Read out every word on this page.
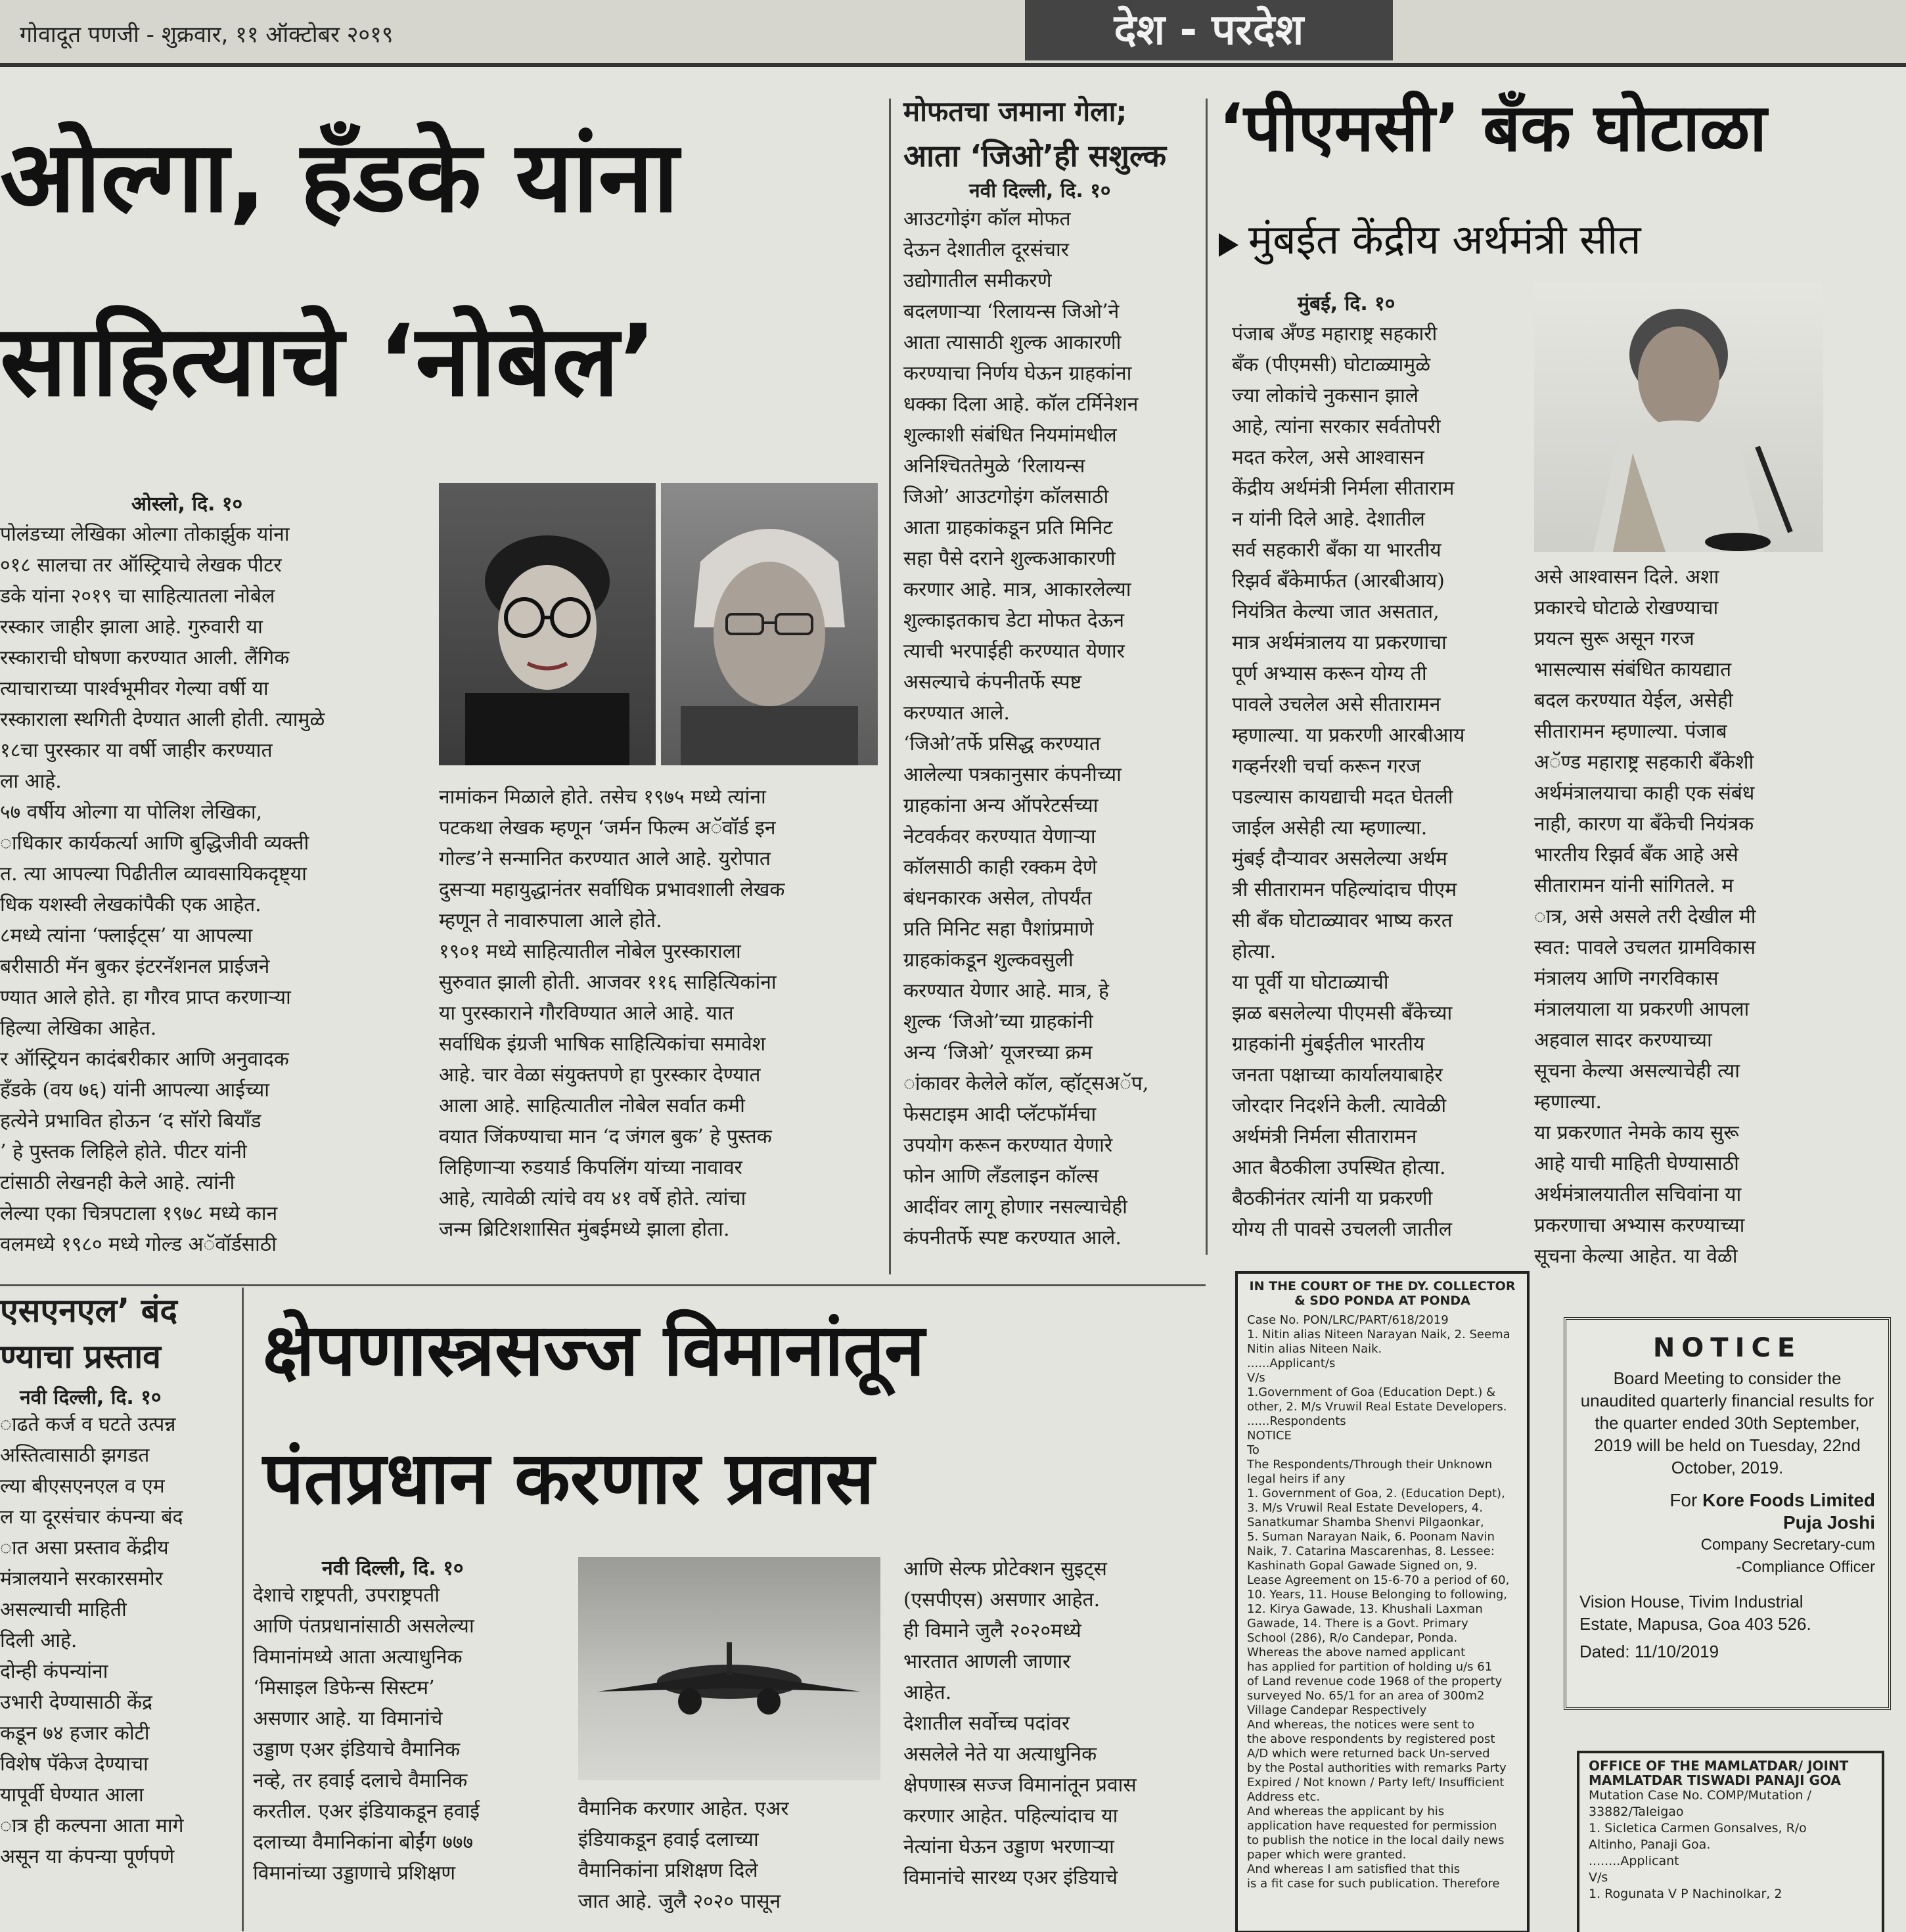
गोवादूत पणजी - शुक्रवार, ११ ऑक्टोबर २०१९	देश - परदेश
ओल्गा, हँडके यांना
साहित्याचे ‘नोबेल’
ओस्लो, दि. १०
पोलंडच्या लेखिका ओल्गा तोकार्झुक यांना
०१८ सालचा तर ऑस्ट्रियाचे लेखक पीटर
डके यांना २०१९ चा साहित्यातला नोबेल
रस्कार जाहीर झाला आहे. गुरुवारी या
रस्काराची घोषणा करण्यात आली. लैंगिक
त्याचाराच्या पार्श्वभूमीवर गेल्या वर्षी या
रस्काराला स्थगिती देण्यात आली होती. त्यामुळे
१८चा पुरस्कार या वर्षी जाहीर करण्यात
ला आहे.
५७ वर्षीय ओल्गा या पोलिश लेखिका,
ाधिकार कार्यकर्त्या आणि बुद्धिजीवी व्यक्ती
त. त्या आपल्या पिढीतील व्यावसायिकदृष्ट्या
धिक यशस्वी लेखकांपैकी एक आहेत.
८मध्ये त्यांना ‘फ्लाईट्स’ या आपल्या
बरीसाठी मॅन बुकर इंटरनॅशनल प्राईजने
ण्यात आले होते. हा गौरव प्राप्त करणाऱ्या
हिल्या लेखिका आहेत.
र ऑस्ट्रियन कादंबरीकार आणि अनुवादक
हँडके (वय ७६) यांनी आपल्या आईच्या
हत्येने प्रभावित होऊन ‘द सॉरो बियाँड
’ हे पुस्तक लिहिले होते. पीटर यांनी
टांसाठी लेखनही केले आहे. त्यांनी
लेल्या एका चित्रपटाला १९७८ मध्ये कान
वलमध्ये १९८० मध्ये गोल्ड अॅवॉर्डसाठी
नामांकन मिळाले होते. तसेच १९७५ मध्ये त्यांना
पटकथा लेखक म्हणून ‘जर्मन फिल्म अॅवॉर्ड इन
गोल्ड’ने सन्मानित करण्यात आले आहे. युरोपात
दुसऱ्या महायुद्धानंतर सर्वाधिक प्रभावशाली लेखक
म्हणून ते नावारुपाला आले होते.
१९०१ मध्ये साहित्यातील नोबेल पुरस्काराला
सुरुवात झाली होती. आजवर ११६ साहित्यिकांना
या पुरस्काराने गौरविण्यात आले आहे. यात
सर्वाधिक इंग्रजी भाषिक साहित्यिकांचा समावेश
आहे. चार वेळा संयुक्तपणे हा पुरस्कार देण्यात
आला आहे. साहित्यातील नोबेल सर्वात कमी
वयात जिंकण्याचा मान ‘द जंगल बुक’ हे पुस्तक
लिहिणाऱ्या रुडयार्ड किपलिंग यांच्या नावावर
आहे, त्यावेळी त्यांचे वय ४१ वर्षे होते. त्यांचा
जन्म ब्रिटिशशासित मुंबईमध्ये झाला होता.
मोफतचा जमाना गेला;
आता ‘जिओ’ही सशुल्क
नवी दिल्ली, दि. १०
आउटगोइंग कॉल मोफत
देऊन देशातील दूरसंचार
उद्योगातील समीकरणे
बदलणाऱ्या ‘रिलायन्स जिओ’ने
आता त्यासाठी शुल्क आकारणी
करण्याचा निर्णय घेऊन ग्राहकांना
धक्का दिला आहे. कॉल टर्मिनेशन
शुल्काशी संबंधित नियमांमधील
अनिश्चिततेमुळे ‘रिलायन्स
जिओ’ आउटगोइंग कॉलसाठी
आता ग्राहकांकडून प्रति मिनिट
सहा पैसे दराने शुल्कआकारणी
करणार आहे. मात्र, आकारलेल्या
शुल्काइतकाच डेटा मोफत देऊन
त्याची भरपाईही करण्यात येणार
असल्याचे कंपनीतर्फे स्पष्ट
करण्यात आले.
‘जिओ’तर्फे प्रसिद्ध करण्यात
आलेल्या पत्रकानुसार कंपनीच्या
ग्राहकांना अन्य ऑपरेटर्सच्या
नेटवर्कवर करण्यात येणाऱ्या
कॉलसाठी काही रक्कम देणे
बंधनकारक असेल, तोपर्यंत
प्रति मिनिट सहा पैशांप्रमाणे
ग्राहकांकडून शुल्कवसुली
करण्यात येणार आहे. मात्र, हे
शुल्क ‘जिओ’च्या ग्राहकांनी
अन्य ‘जिओ’ यूजरच्या क्रम
ांकावर केलेले कॉल, व्हॉट्सअॅप,
फेसटाइम आदी प्लॅटफॉर्मचा
उपयोग करून करण्यात येणारे
फोन आणि लँडलाइन कॉल्स
आदींवर लागू होणार नसल्याचेही
कंपनीतर्फे स्पष्ट करण्यात आले.
‘पीएमसी’ बँक घोटाळा
मुंबईत केंद्रीय अर्थमंत्री सीत
मुंबई, दि. १०
पंजाब अँण्ड महाराष्ट्र सहकारी
बँक (पीएमसी) घोटाळ्यामुळे
ज्या लोकांचे नुकसान झाले
आहे, त्यांना सरकार सर्वतोपरी
मदत करेल, असे आश्वासन
केंद्रीय अर्थमंत्री निर्मला सीताराम
न यांनी दिले आहे. देशातील
सर्व सहकारी बँका या भारतीय
रिझर्व बँकेमार्फत (आरबीआय)
नियंत्रित केल्या जात असतात,
मात्र अर्थमंत्रालय या प्रकरणाचा
पूर्ण अभ्यास करून योग्य ती
पावले उचलेल असे सीतारामन
म्हणाल्या. या प्रकरणी आरबीआय
गव्हर्नरशी चर्चा करून गरज
पडल्यास कायद्याची मदत घेतली
जाईल असेही त्या म्हणाल्या.
मुंबई दौऱ्यावर असलेल्या अर्थम
त्री सीतारामन पहिल्यांदाच पीएम
सी बँक घोटाळ्यावर भाष्य करत
होत्या.
या पूर्वी या घोटाळ्याची
झळ बसलेल्या पीएमसी बँकेच्या
ग्राहकांनी मुंबईतील भारतीय
जनता पक्षाच्या कार्यालयाबाहेर
जोरदार निदर्शने केली. त्यावेळी
अर्थमंत्री निर्मला सीतारामन
आत बैठकीला उपस्थित होत्या.
बैठकीनंतर त्यांनी या प्रकरणी
योग्य ती पावसे उचलली जातील
असे आश्वासन दिले. अशा
प्रकारचे घोटाळे रोखण्याचा
प्रयत्न सुरू असून गरज
भासल्यास संबंधित कायद्यात
बदल करण्यात येईल, असेही
सीतारामन म्हणाल्या. पंजाब
अॅण्ड महाराष्ट्र सहकारी बँकेशी
अर्थमंत्रालयाचा काही एक संबंध
नाही, कारण या बँकेची नियंत्रक
भारतीय रिझर्व बँक आहे असे
सीतारामन यांनी सांगितले. म
ात्र, असे असले तरी देखील मी
स्वत: पावले उचलत ग्रामविकास
मंत्रालय आणि नगरविकास
मंत्रालयाला या प्रकरणी आपला
अहवाल सादर करण्याच्या
सूचना केल्या असल्याचेही त्या
म्हणाल्या.
या प्रकरणात नेमके काय सुरू
आहे याची माहिती घेण्यासाठी
अर्थमंत्रालयातील सचिवांना या
प्रकरणाचा अभ्यास करण्याच्या
सूचना केल्या आहेत. या वेळी
एसएनएल’ बंद
ण्याचा प्रस्ताव
नवी दिल्ली, दि. १०
ाढते कर्ज व घटते उत्पन्न
अस्तित्वासाठी झगडत
ल्या बीएसएनएल व एम
ल या दूरसंचार कंपन्या बंद
ात असा प्रस्ताव केंद्रीय
मंत्रालयाने सरकारसमोर
असल्याची माहिती
दिली आहे.
दोन्ही कंपन्यांना
उभारी देण्यासाठी केंद्र
कडून ७४ हजार कोटी
विशेष पॅकेज देण्याचा
यापूर्वी घेण्यात आला
ात्र ही कल्पना आता मागे
असून या कंपन्या पूर्णपणे
क्षेपणास्त्रसज्ज विमानांतून
पंतप्रधान करणार प्रवास
नवी दिल्ली, दि. १०
देशाचे राष्ट्रपती, उपराष्ट्रपती
आणि पंतप्रधानांसाठी असलेल्या
विमानांमध्ये आता अत्याधुनिक
‘मिसाइल डिफेन्स सिस्टम’
असणार आहे. या विमानांचे
उड्डाण एअर इंडियाचे वैमानिक
नव्हे, तर हवाई दलाचे वैमानिक
करतील. एअर इंडियाकडून हवाई
दलाच्या वैमानिकांना बोईंग ७७७
विमानांच्या उड्डाणाचे प्रशिक्षण
वैमानिक करणार आहेत. एअर
इंडियाकडून हवाई दलाच्या
वैमानिकांना प्रशिक्षण दिले
जात आहे. जुलै २०२० पासून
आणि सेल्फ प्रोटेक्शन सुइट्स
(एसपीएस) असणार आहेत.
ही विमाने जुलै २०२०मध्ये
भारतात आणली जाणार
आहेत.
देशातील सर्वोच्च पदांवर
असलेले नेते या अत्याधुनिक
क्षेपणास्त्र सज्ज विमानांतून प्रवास
करणार आहेत. पहिल्यांदाच या
नेत्यांना घेऊन उड्डाण भरणाऱ्या
विमानांचे सारथ्य एअर इंडियाचे
IN THE COURT OF THE DY. COLLECTOR
& SDO PONDA AT PONDA
Case No. PON/LRC/PART/618/2019
1. Nitin alias Niteen Narayan Naik, 2. Seema
Nitin alias Niteen Naik.
......Applicant/s
V/s
1.Government of Goa (Education Dept.) &
other, 2. M/s Vruwil Real Estate Developers.
......Respondents
NOTICE
To
The Respondents/Through their Unknown
legal heirs if any
1. Government of Goa, 2. (Education Dept),
3. M/s Vruwil Real Estate Developers, 4.
Sanatkumar Shamba Shenvi Pilgaonkar,
5. Suman Narayan Naik, 6. Poonam Navin
Naik, 7. Catarina Mascarenhas, 8. Lessee:
Kashinath Gopal Gawade Signed on, 9.
Lease Agreement on 15-6-70 a period of 60,
10. Years, 11. House Belonging to following,
12. Kirya Gawade, 13. Khushali Laxman
Gawade, 14. There is a Govt. Primary
School (286), R/o Candepar, Ponda.
Whereas the above named applicant
has applied for partition of holding u/s 61
of Land revenue code 1968 of the property
surveyed No. 65/1 for an area of 300m2
Village Candepar Respectively
And whereas, the notices were sent to
the above respondents by registered post
A/D which were returned back Un-served
by the Postal authorities with remarks Party
Expired / Not known / Party left/ Insufficient
Address etc.
And whereas the applicant by his
application have requested for permission
to publish the notice in the local daily news
paper which were granted.
And whereas I am satisfied that this
is a fit case for such publication. Therefore
NOTICE
Board Meeting to consider the unaudited quarterly financial results for the quarter ended 30th September, 2019 will be held on Tuesday, 22nd October, 2019.
For Kore Foods Limited
Puja Joshi
Company Secretary-cum
-Compliance Officer
Vision House, Tivim Industrial
Estate, Mapusa, Goa 403 526.
Dated: 11/10/2019
OFFICE OF THE MAMLATDAR/ JOINT
MAMLATDAR TISWADI PANAJI GOA
Mutation Case No. COMP/Mutation /
33882/Taleigao
1. Sicletica Carmen Gonsalves, R/o
Altinho, Panaji Goa.
........Applicant
V/s
1. Rogunata V P Nachinolkar, 2
